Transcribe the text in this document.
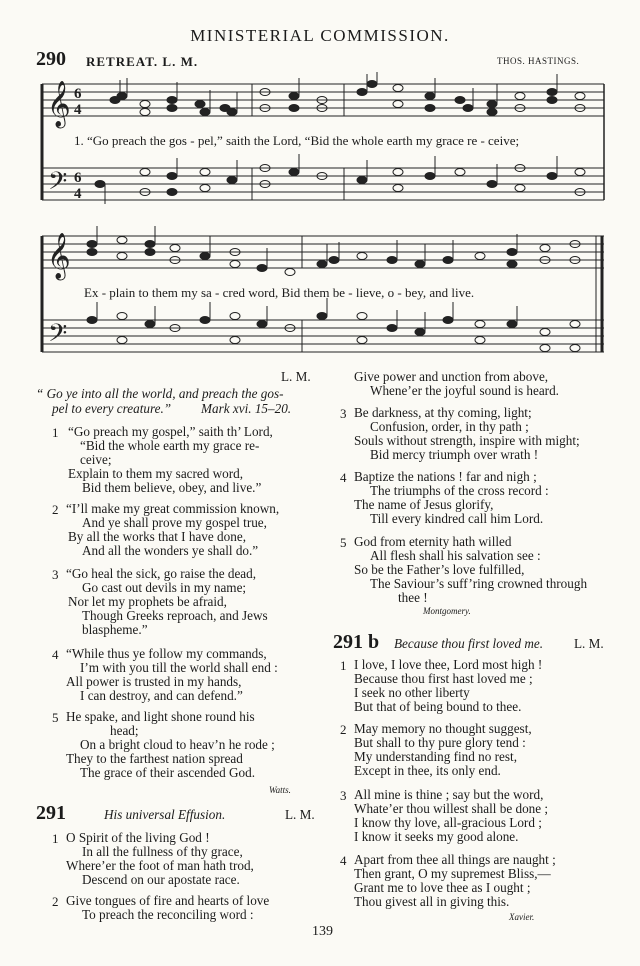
MINISTERIAL COMMISSION.
290 RETREAT. L. M.	THOS. HASTINGS.
𝄞
𝄢
6
4
6
4
1. “Go preach the gos - pel,” saith the Lord, “Bid the whole earth my grace re - ceive;
𝄞
𝄢
Ex - plain to them my sa - cred word, Bid them be - lieve, o - bey, and live.
L. M.
“ Go ye into all the world, and preach the gos-
pel to every creature.” Mark xvi. 15–20.
1 “Go preach my gospel,” saith th’ Lord,
“Bid the whole earth my grace re-
ceive;
Explain to them my sacred word,
Bid them believe, obey, and live.”
2 “I’ll make my great commission known,
And ye shall prove my gospel true,
By all the works that I have done,
And all the wonders ye shall do.”
3 “Go heal the sick, go raise the dead,
Go cast out devils in my name;
Nor let my prophets be afraid,
Though Greeks reproach, and Jews
blaspheme.”
4 “While thus ye follow my commands,
I’m with you till the world shall end :
All power is trusted in my hands,
I can destroy, and can defend.”
5 He spake, and light shone round his
head;
On a bright cloud to heav’n he rode ;
They to the farthest nation spread
The grace of their ascended God.
Watts.
291	His universal Effusion.	L. M.
1 O Spirit of the living God !
In all the fullness of thy grace,
Where’er the foot of man hath trod,
Descend on our apostate race.
2 Give tongues of fire and hearts of love
To preach the reconciling word :
Give power and unction from above,
Whene’er the joyful sound is heard.
3 Be darkness, at thy coming, light;
Confusion, order, in thy path ;
Souls without strength, inspire with might;
Bid mercy triumph over wrath !
4 Baptize the nations ! far and nigh ;
The triumphs of the cross record :
The name of Jesus glorify,
Till every kindred call him Lord.
5 God from eternity hath willed
All flesh shall his salvation see :
So be the Father’s love fulfilled,
The Saviour’s suff’ring crowned through
thee !
Montgomery.
291 b Because thou first loved me. L. M.
1 I love, I love thee, Lord most high !
Because thou first hast loved me ;
I seek no other liberty
But that of being bound to thee.
2 May memory no thought suggest,
But shall to thy pure glory tend :
My understanding find no rest,
Except in thee, its only end.
3 All mine is thine ; say but the word,
Whate’er thou willest shall be done ;
I know thy love, all-gracious Lord ;
I know it seeks my good alone.
4 Apart from thee all things are naught ;
Then grant, O my supremest Bliss,—
Grant me to love thee as I ought ;
Thou givest all in giving this.
Xavier.
139
